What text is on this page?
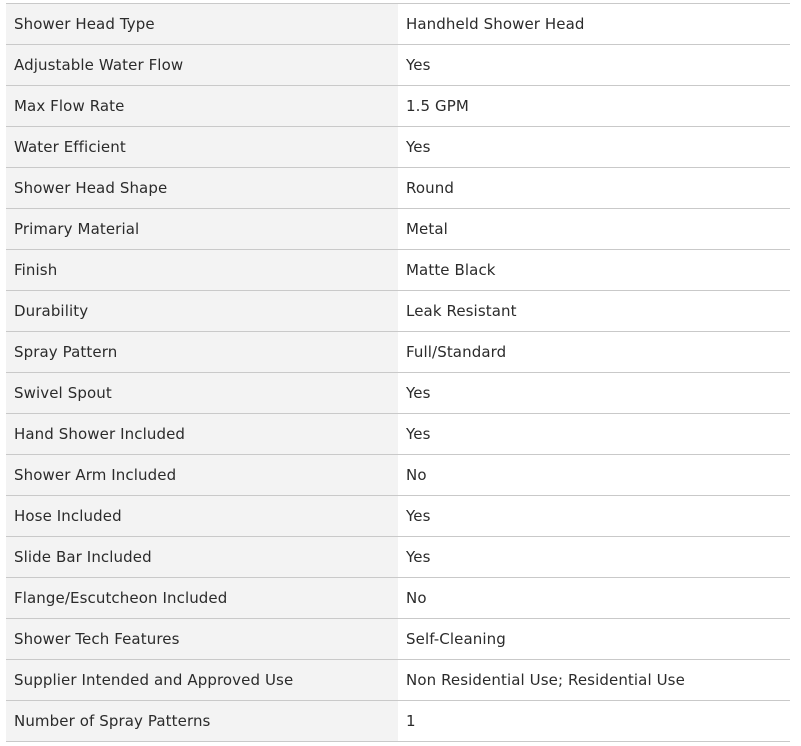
Shower Head Type	Handheld Shower Head
Adjustable Water Flow	Yes
Max Flow Rate	1.5 GPM
Water Efficient	Yes
Shower Head Shape	Round
Primary Material	Metal
Finish	Matte Black
Durability	Leak Resistant
Spray Pattern	Full/Standard
Swivel Spout	Yes
Hand Shower Included	Yes
Shower Arm Included	No
Hose Included	Yes
Slide Bar Included	Yes
Flange/Escutcheon Included	No
Shower Tech Features	Self-Cleaning
Supplier Intended and Approved Use	Non Residential Use; Residential Use
Number of Spray Patterns	1
